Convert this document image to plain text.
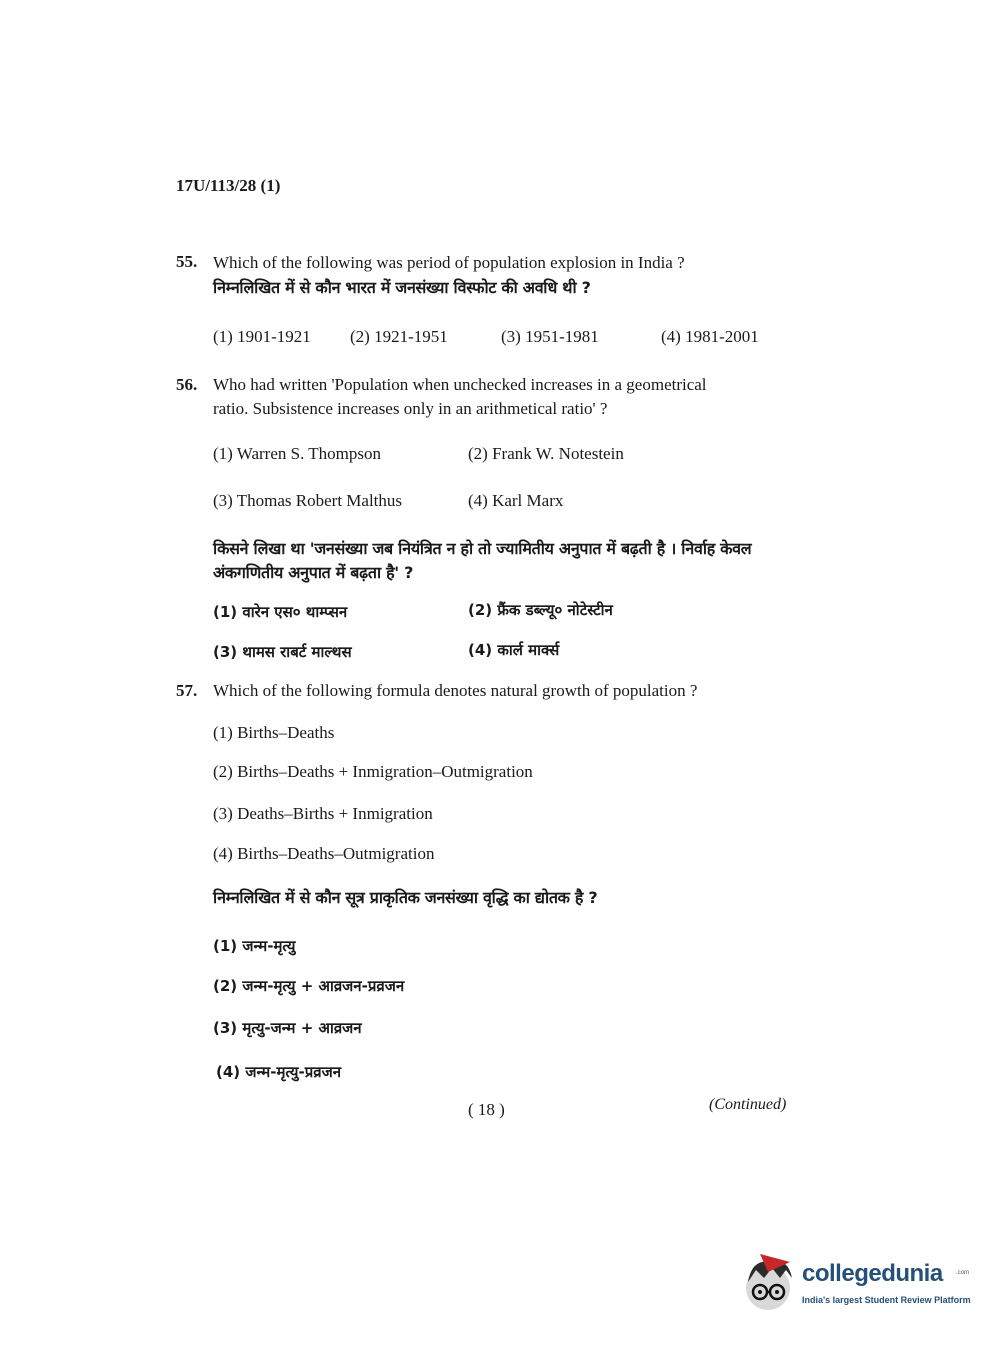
17U/113/28 (1)
55. Which of the following was period of population explosion in India ?
निम्नलिखित में से कौन भारत में जनसंख्या विस्फोट की अवधि थी ?
(1) 1901-1921 (2) 1921-1951	(3) 1951-1981	(4) 1981-2001
56. Who had written 'Population when unchecked increases in a geometrical
ratio. Subsistence increases only in an arithmetical ratio' ?
(1) Warren S. Thompson	(2) Frank W. Notestein
(3) Thomas Robert Malthus	(4) Karl Marx
किसने लिखा था 'जनसंख्या जब नियंत्रित न हो तो ज्यामितीय अनुपात में बढ़ती है । निर्वाह केवल
अंकगणितीय अनुपात में बढ़ता है' ?
(1) वारेन एस० थाम्प्सन	(2) फ्रैंक डब्ल्यू० नोटेस्टीन
(3) थामस राबर्ट माल्थस	(4) कार्ल मार्क्स
57. Which of the following formula denotes natural growth of population ?
(1) Births–Deaths
(2) Births–Deaths + Inmigration–Outmigration
(3) Deaths–Births + Inmigration
(4) Births–Deaths–Outmigration
निम्नलिखित में से कौन सूत्र प्राकृतिक जनसंख्या वृद्धि का द्योतक है ?
(1) जन्म-मृत्यु
(2) जन्म-मृत्यु + आव्रजन-प्रव्रजन
(3) मृत्यु-जन्म + आव्रजन
(4) जन्म-मृत्यु-प्रव्रजन
( 18 )	(Continued)
collegedunia .com
India's largest Student Review Platform
